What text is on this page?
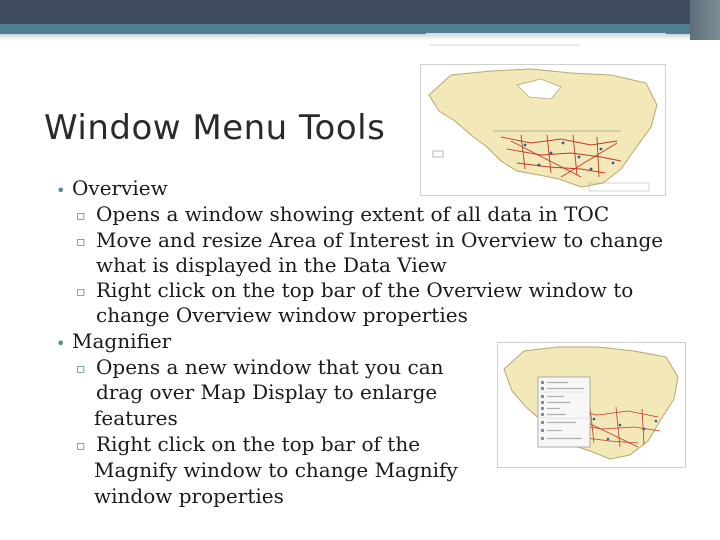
Window Menu Tools
• Overview
▫ Opens a window showing extent of all data in TOC
▫ Move and resize Area of Interest in Overview to change
what is displayed in the Data View
▫ Right click on the top bar of the Overview window to
change Overview window properties
• Magnifier
▫ Opens a new window that you can
drag over Map Display to enlarge
features
▫ Right click on the top bar of the
Magnify window to change Magnify
window properties
